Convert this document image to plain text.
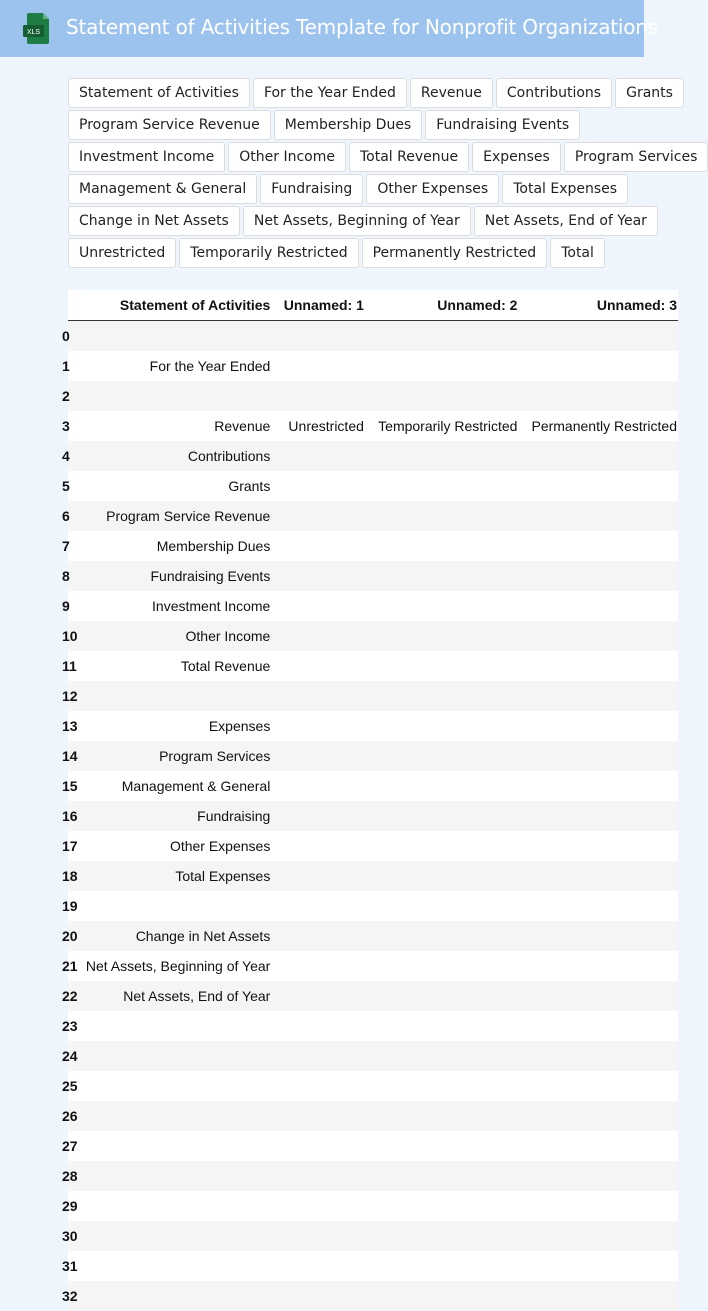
XLS Statement of Activities Template for Nonprofit Organizations
Statement of Activities	For the Year Ended	Revenue	Contributions	Grants
Program Service Revenue	Membership Dues	Fundraising Events
Investment Income	Other Income	Total Revenue	Expenses	Program Services
Management & General	Fundraising	Other Expenses	Total Expenses
Change in Net Assets	Net Assets, Beginning of Year	Net Assets, End of Year
Unrestricted	Temporarily Restricted	Permanently Restricted	Total
	Statement of Activities	Unnamed: 1	Unnamed: 2	Unnamed: 3
0				
1	For the Year Ended			
2				
3	Revenue	Unrestricted	Temporarily Restricted	Permanently Restricted
4	Contributions			
5	Grants			
6	Program Service Revenue			
7	Membership Dues			
8	Fundraising Events			
9	Investment Income			
10	Other Income			
11	Total Revenue			
12				
13	Expenses			
14	Program Services			
15	Management & General			
16	Fundraising			
17	Other Expenses			
18	Total Expenses			
19				
20	Change in Net Assets			
21	Net Assets, Beginning of Year			
22	Net Assets, End of Year			
23				
24				
25				
26				
27				
28				
29				
30				
31				
32				
